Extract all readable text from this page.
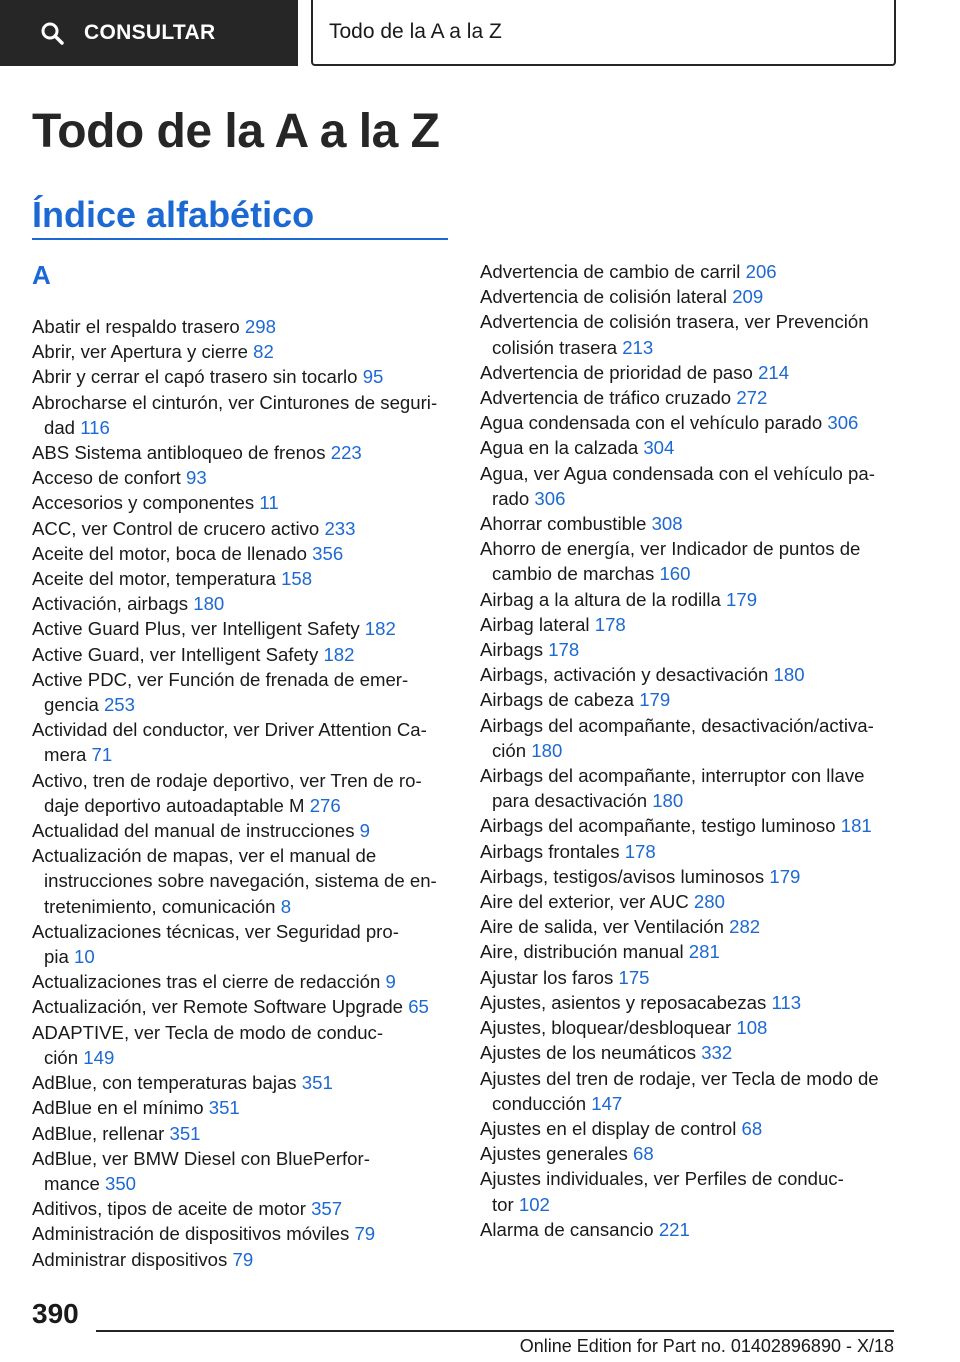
CONSULTAR	Todo de la A a la Z
Todo de la A a la Z
Índice alfabético
A
Abatir el respaldo trasero 298
Abrir, ver Apertura y cierre 82
Abrir y cerrar el capó trasero sin tocarlo 95
Abrocharse el cinturón, ver Cinturones de seguri-
dad 116
ABS Sistema antibloqueo de frenos 223
Acceso de confort 93
Accesorios y componentes 11
ACC, ver Control de crucero activo 233
Aceite del motor, boca de llenado 356
Aceite del motor, temperatura 158
Activación, airbags 180
Active Guard Plus, ver Intelligent Safety 182
Active Guard, ver Intelligent Safety 182
Active PDC, ver Función de frenada de emer-
gencia 253
Actividad del conductor, ver Driver Attention Ca-
mera 71
Activo, tren de rodaje deportivo, ver Tren de ro-
daje deportivo autoadaptable M 276
Actualidad del manual de instrucciones 9
Actualización de mapas, ver el manual de
instrucciones sobre navegación, sistema de en-
tretenimiento, comunicación 8
Actualizaciones técnicas, ver Seguridad pro-
pia 10
Actualizaciones tras el cierre de redacción 9
Actualización, ver Remote Software Upgrade 65
ADAPTIVE, ver Tecla de modo de conduc-
ción 149
AdBlue, con temperaturas bajas 351
AdBlue en el mínimo 351
AdBlue, rellenar 351
AdBlue, ver BMW Diesel con BluePerfor-
mance 350
Aditivos, tipos de aceite de motor 357
Administración de dispositivos móviles 79
Administrar dispositivos 79
Advertencia de cambio de carril 206
Advertencia de colisión lateral 209
Advertencia de colisión trasera, ver Prevención
colisión trasera 213
Advertencia de prioridad de paso 214
Advertencia de tráfico cruzado 272
Agua condensada con el vehículo parado 306
Agua en la calzada 304
Agua, ver Agua condensada con el vehículo pa-
rado 306
Ahorrar combustible 308
Ahorro de energía, ver Indicador de puntos de
cambio de marchas 160
Airbag a la altura de la rodilla 179
Airbag lateral 178
Airbags 178
Airbags, activación y desactivación 180
Airbags de cabeza 179
Airbags del acompañante, desactivación/activa-
ción 180
Airbags del acompañante, interruptor con llave
para desactivación 180
Airbags del acompañante, testigo luminoso 181
Airbags frontales 178
Airbags, testigos/avisos luminosos 179
Aire del exterior, ver AUC 280
Aire de salida, ver Ventilación 282
Aire, distribución manual 281
Ajustar los faros 175
Ajustes, asientos y reposacabezas 113
Ajustes, bloquear/desbloquear 108
Ajustes de los neumáticos 332
Ajustes del tren de rodaje, ver Tecla de modo de
conducción 147
Ajustes en el display de control 68
Ajustes generales 68
Ajustes individuales, ver Perfiles de conduc-
tor 102
Alarma de cansancio 221
390
Online Edition for Part no. 01402896890 - X/18
